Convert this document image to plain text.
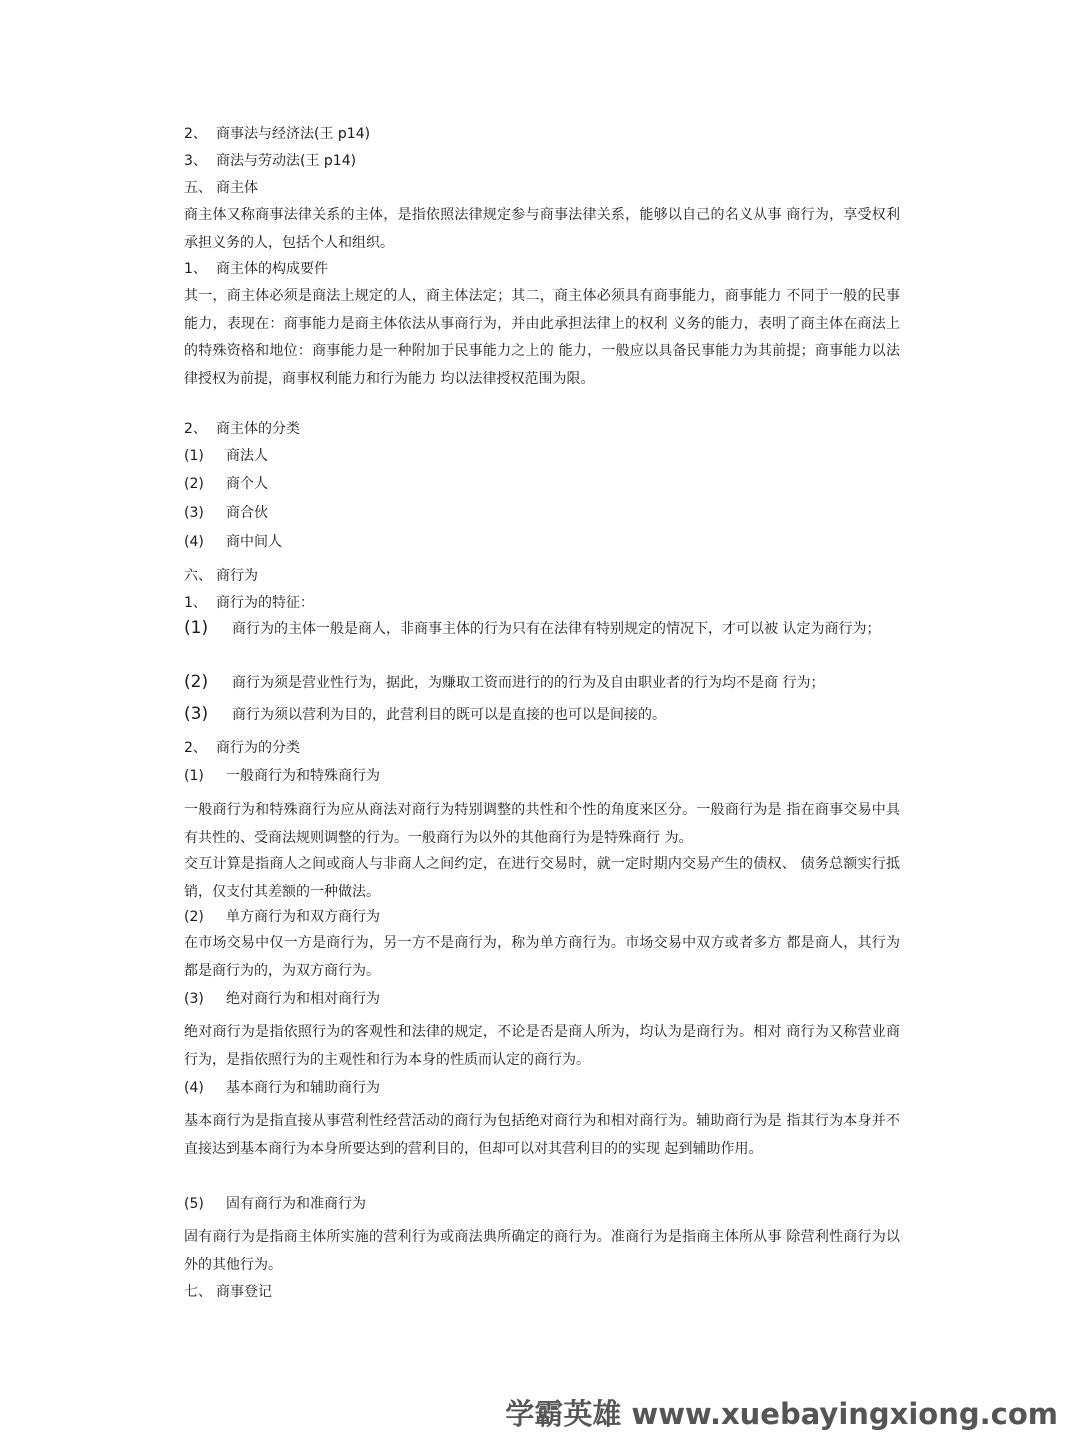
2、 商事法与经济法(王 p14)
3、 商法与劳动法(王 p14)
五、 商主体
商主体又称商事法律关系的主体，是指依照法律规定参与商事法律关系，能够以自己的名义从事 商行为，享受权利承担义务的人，包括个人和组织。
1、 商主体的构成要件
其一，商主体必须是商法上规定的人，商主体法定；其二，商主体必须具有商事能力，商事能力 不同于一般的民事能力，表现在：商事能力是商主体依法从事商行为，并由此承担法律上的权利 义务的能力，表明了商主体在商法上的特殊资格和地位：商事能力是一种附加于民事能力之上的 能力，一般应以具备民事能力为其前提；商事能力以法律授权为前提，商事权利能力和行为能力 均以法律授权范围为限。
2、 商主体的分类
(1) 商法人
(2) 商个人
(3) 商合伙
(4) 商中间人
六、 商行为
1、 商行为的特征：
(1) 商行为的主体一般是商人，非商事主体的行为只有在法律有特别规定的情况下，才可以被 认定为商行为；
(2) 商行为须是营业性行为，据此，为赚取工资而进行的的行为及自由职业者的行为均不是商 行为；
(3) 商行为须以营利为目的，此营利目的既可以是直接的也可以是间接的。
2、 商行为的分类
(1) 一般商行为和特殊商行为
一般商行为和特殊商行为应从商法对商行为特别调整的共性和个性的角度来区分。一般商行为是 指在商事交易中具有共性的、受商法规则调整的行为。一般商行为以外的其他商行为是特殊商行 为。
交互计算是指商人之间或商人与非商人之间约定，在进行交易时，就一定时期内交易产生的债权、 债务总额实行抵销，仅支付其差额的一种做法。
(2) 单方商行为和双方商行为
在市场交易中仅一方是商行为，另一方不是商行为，称为单方商行为。市场交易中双方或者多方 都是商人，其行为都是商行为的，为双方商行为。
(3) 绝对商行为和相对商行为
绝对商行为是指依照行为的客观性和法律的规定，不论是否是商人所为，均认为是商行为。相对 商行为又称营业商行为，是指依照行为的主观性和行为本身的性质而认定的商行为。
(4) 基本商行为和辅助商行为
基本商行为是指直接从事营利性经营活动的商行为包括绝对商行为和相对商行为。辅助商行为是 指其行为本身并不直接达到基本商行为本身所要达到的营利目的，但却可以对其营利目的的实现 起到辅助作用。
(5) 固有商行为和准商行为
固有商行为是指商主体所实施的营利行为或商法典所确定的商行为。准商行为是指商主体所从事 除营利性商行为以外的其他行为。
七、 商事登记
学霸英雄 www.xuebayingxiong.com
